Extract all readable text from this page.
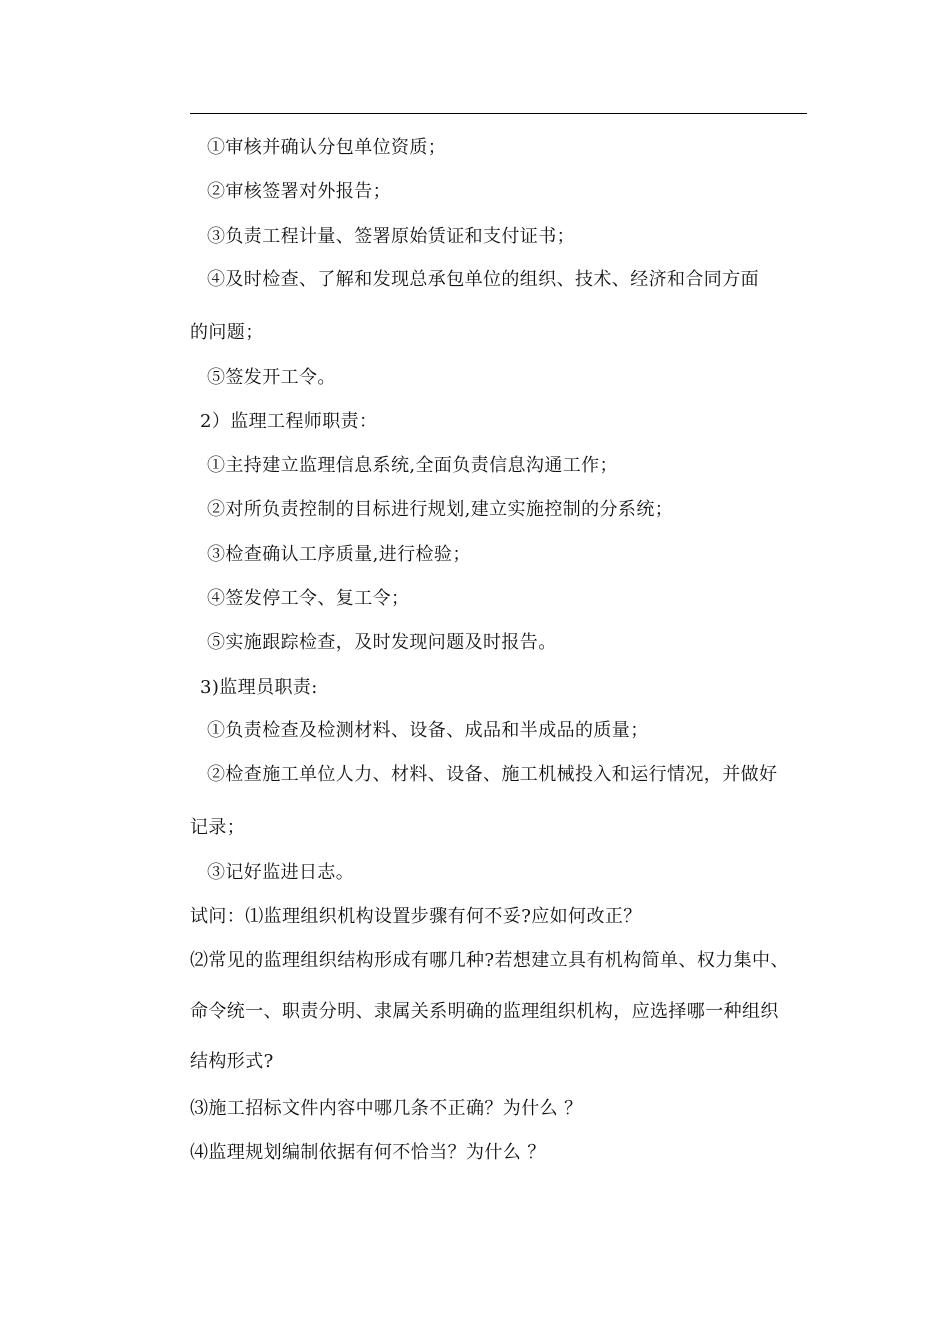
①审核并确认分包单位资质；
②审核签署对外报告；
③负责工程计量、签署原始赁证和支付证书；
④及时检查、了解和发现总承包单位的组织、技术、经济和合同方面
的问题；
⑤签发开工令。
2）监理工程师职责：
①主持建立监理信息系统,全面负责信息沟通工作；
②对所负责控制的目标进行规划,建立实施控制的分系统；
③检查确认工序质量,进行检验；
④签发停工令、复工令；
⑤实施跟踪检查，及时发现问题及时报告。
3)监理员职责:
①负责检查及检测材料、设备、成品和半成品的质量；
②检查施工单位人力、材料、设备、施工机械投入和运行情况，并做好
记录；
③记好监进日志。
试问：⑴监理组织机构设置步骤有何不妥?应如何改正？
⑵常见的监理组织结构形成有哪几种?若想建立具有机构简单、权力集中、
命令统一、职责分明、隶属关系明确的监理组织机构，应选择哪一种组织
结构形式?
⑶施工招标文件内容中哪几条不正确？为什么 ？
⑷监理规划编制依据有何不恰当？为什么 ？
